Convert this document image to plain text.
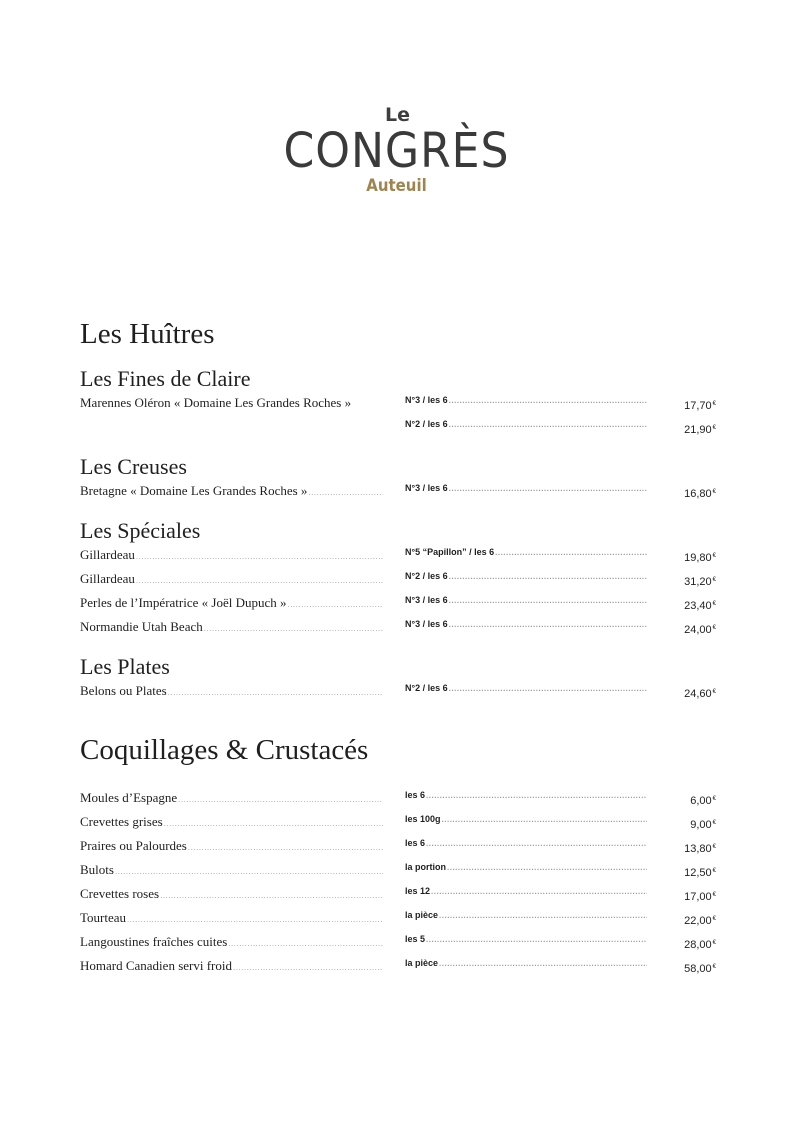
Le
CONGRÈS
Auteuil
Les Huîtres
Les Fines de Claire
Marennes Oléron « Domaine Les Grandes Roches »	N°3 / les 6 .....	17,70€
N°2 / les 6 .....	21,90€
Les Creuses
Bretagne « Domaine Les Grandes Roches » .....	N°3 / les 6 .....	16,80€
Les Spéciales
Gillardeau .....	N°5 “Papillon” / les 6 .....	19,80€
Gillardeau .....	N°2 / les 6 .....	31,20€
Perles de l’Impératrice « Joël Dupuch » .....	N°3 / les 6 .....	23,40€
Normandie Utah Beach .....	N°3 / les 6 .....	24,00€
Les Plates
Belons ou Plates .....	N°2 / les 6 .....	24,60€
Coquillages & Crustacés
Moules d’Espagne .....	les 6 .....	6,00€
Crevettes grises .....	les 100g .....	9,00€
Praires ou Palourdes .....	les 6 .....	13,80€
Bulots .....	la portion .....	12,50€
Crevettes roses .....	les 12 .....	17,00€
Tourteau .....	la pièce .....	22,00€
Langoustines fraîches cuites .....	les 5 .....	28,00€
Homard Canadien servi froid .....	la pièce .....	58,00€
